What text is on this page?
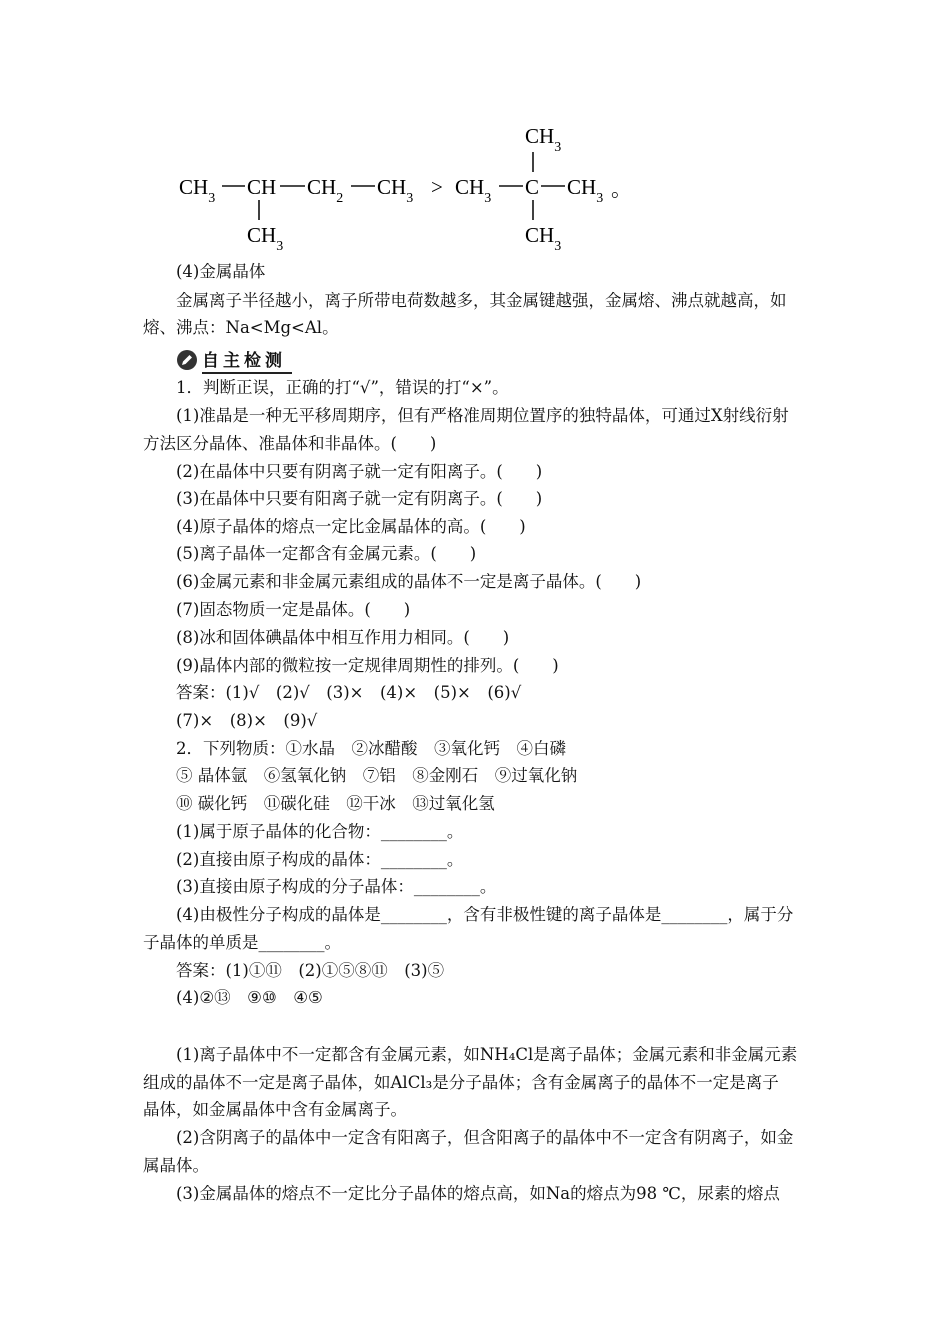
$CH_3$ CH $CH_2$ $CH_3$
$CH_3$
> $CH_3$ C $CH_3$ 。
$CH_3$
$CH_3$
(4)金属晶体
金属离子半径越小，离子所带电荷数越多，其金属键越强，金属熔、沸点就越高，如
熔、沸点：Na<Mg<Al。
自主检测
1．判断正误，正确的打“√”，错误的打“×”。
(1)准晶是一种无平移周期序，但有严格准周期位置序的独特晶体，可通过X射线衍射
方法区分晶体、准晶体和非晶体。(　　)
(2)在晶体中只要有阴离子就一定有阳离子。(　　)
(3)在晶体中只要有阳离子就一定有阴离子。(　　)
(4)原子晶体的熔点一定比金属晶体的高。(　　)
(5)离子晶体一定都含有金属元素。(　　)
(6)金属元素和非金属元素组成的晶体不一定是离子晶体。(　　)
(7)固态物质一定是晶体。(　　)
(8)冰和固体碘晶体中相互作用力相同。(　　)
(9)晶体内部的微粒按一定规律周期性的排列。(　　)
答案：(1)√　(2)√　(3)×　(4)×　(5)×　(6)√
(7)×　(8)×　(9)√
2．下列物质：①水晶　②冰醋酸　③氧化钙　④白磷
⑤ 晶体氩　⑥氢氧化钠　⑦铝　⑧金刚石　⑨过氧化钠
⑩ 碳化钙　⑪碳化硅　⑫干冰　⑬过氧化氢
(1)属于原子晶体的化合物：________。
(2)直接由原子构成的晶体：________。
(3)直接由原子构成的分子晶体：________。
(4)由极性分子构成的晶体是________，含有非极性键的离子晶体是________，属于分
子晶体的单质是________。
答案：(1)①⑪　(2)①⑤⑧⑪　(3)⑤
(4)②⑬　⑨⑩　④⑤
(1)离子晶体中不一定都含有金属元素，如NH₄Cl是离子晶体；金属元素和非金属元素
组成的晶体不一定是离子晶体，如AlCl₃是分子晶体；含有金属离子的晶体不一定是离子
晶体，如金属晶体中含有金属离子。
(2)含阴离子的晶体中一定含有阳离子，但含阳离子的晶体中不一定含有阴离子，如金
属晶体。
(3)金属晶体的熔点不一定比分子晶体的熔点高，如Na的熔点为98 ℃，尿素的熔点
